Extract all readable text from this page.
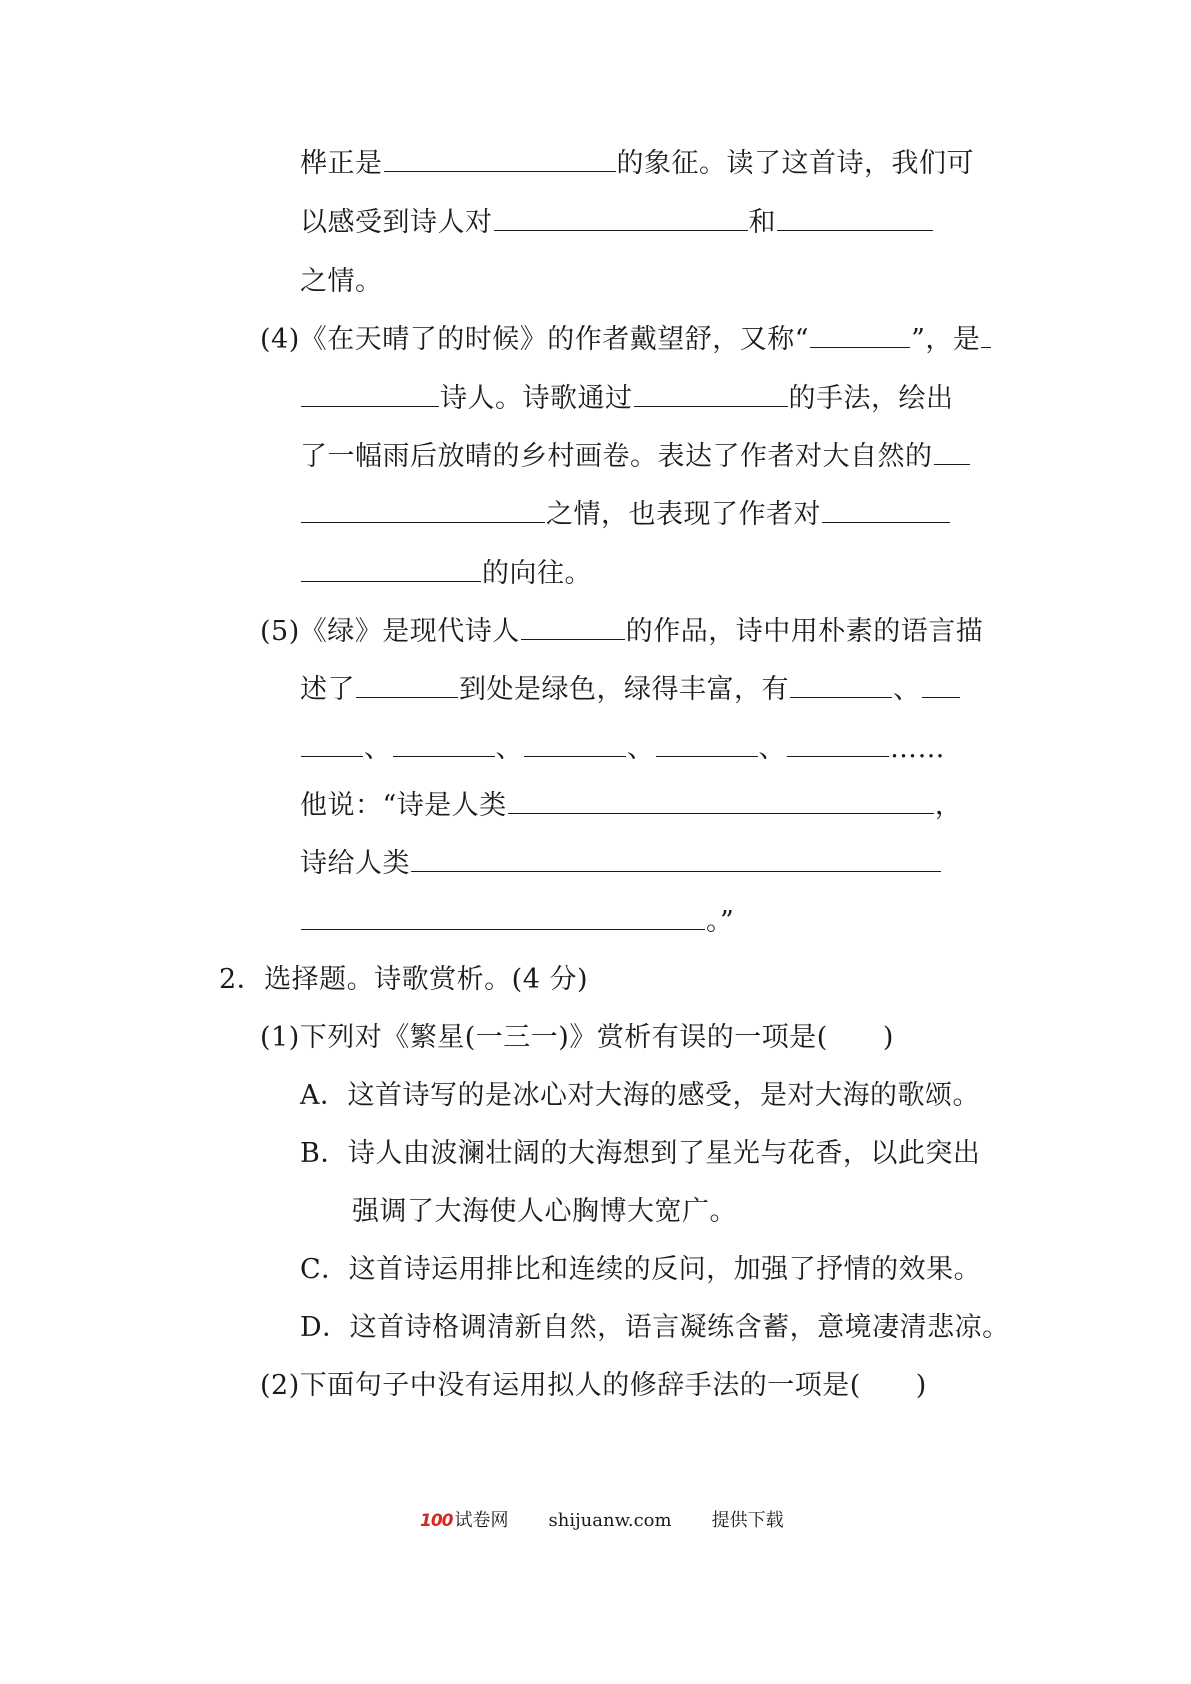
桦正是	的象征。读了这首诗，我们可
以感受到诗人对	和
之情。
(4)《在天晴了的时候》的作者戴望舒，又称“	”，是
诗人。诗歌通过	的手法，绘出
了一幅雨后放晴的乡村画卷。表达了作者对大自然的
之情，也表现了作者对
的向往。
(5)《绿》是现代诗人	的作品，诗中用朴素的语言描
述了	到处是绿色，绿得丰富，有	、
、	、	、	、	……
他说：“诗是人类	，
诗给人类
。”
2．选择题。诗歌赏析。(4 分)
(1)下列对《繁星(一三一)》赏析有误的一项是(　　)
A．这首诗写的是冰心对大海的感受，是对大海的歌颂。
B．诗人由波澜壮阔的大海想到了星光与花香，以此突出
强调了大海使人心胸博大宽广。
C．这首诗运用排比和连续的反问，加强了抒情的效果。
D．这首诗格调清新自然，语言凝练含蓄，意境凄清悲凉。
(2)下面句子中没有运用拟人的修辞手法的一项是(　　)
100 试卷网 shijuanw.com 提供下载
